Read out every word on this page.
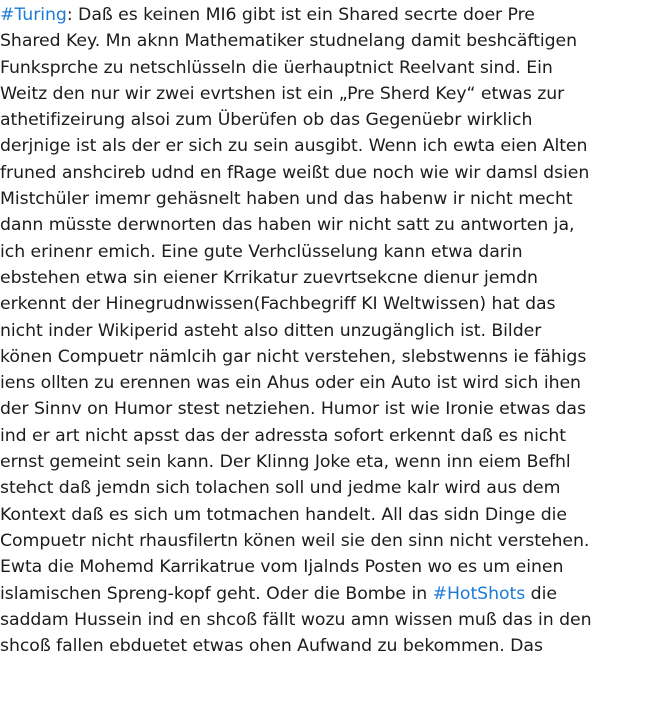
#Turing: Daß es keinen MI6 gibt ist ein Shared secrte doer Pre
Shared Key. Mn aknn Mathematiker studnelang damit beshcäftigen
Funksprche zu netschlüsseln die üerhauptnict Reelvant sind. Ein
Weitz den nur wir zwei evrtshen ist ein „Pre Sherd Key“ etwas zur
athetifizeirung alsoi zum Überüfen ob das Gegenüebr wirklich
derjnige ist als der er sich zu sein ausgibt. Wenn ich ewta eien Alten
fruned anshcireb udnd en fRage weißt due noch wie wir damsl dsien
Mistchüler imemr gehäsnelt haben und das habenw ir nicht mecht
dann müsste derwnorten das haben wir nicht satt zu antworten ja,
ich erinenr emich. Eine gute Verhclüsselung kann etwa darin
ebstehen etwa sin eiener Krrikatur zuevrtsekcne dienur jemdn
erkennt der Hinegrudnwissen(Fachbegriff KI Weltwissen) hat das
nicht inder Wikiperid asteht also ditten unzugänglich ist. Bilder
könen Compuetr nämlcih gar nicht verstehen, slebstwenns ie fähigs
iens ollten zu erennen was ein Ahus oder ein Auto ist wird sich ihen
der Sinnv on Humor stest netziehen. Humor ist wie Ironie etwas das
ind er art nicht apsst das der adressta sofort erkennt daß es nicht
ernst gemeint sein kann. Der Klinng Joke eta, wenn inn eiem Befhl
stehct daß jemdn sich tolachen soll und jedme kalr wird aus dem
Kontext daß es sich um totmachen handelt. All das sidn Dinge die
Compuetr nicht rhausfilertn könen weil sie den sinn nicht verstehen.
Ewta die Mohemd Karrikatrue vom Ijalnds Posten wo es um einen
islamischen Spreng-kopf geht. Oder die Bombe in #HotShots die
saddam Hussein ind en shcoß fällt wozu amn wissen muß das in den
shcoß fallen ebduetet etwas ohen Aufwand zu bekommen. Das
